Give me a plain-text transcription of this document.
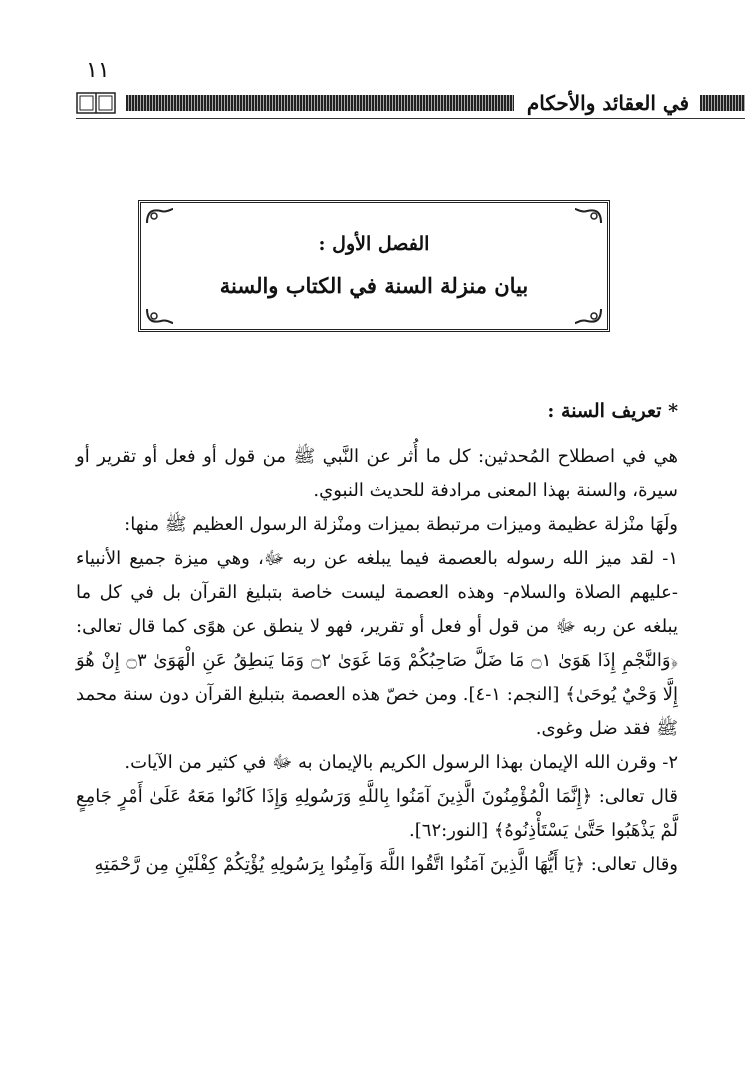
١١
في العقائد والأحكام
الفصل الأول :
بيان منزلة السنة في الكتاب والسنة

* تعريف السنة :

هي في اصطلاح المُحدثين: كل ما أُثر عن النَّبي ﷺ من قول أو فعل أو تقرير أو سيرة، والسنة بهذا المعنى مرادفة للحديث النبوي.

ولَهَا منْزلة عظيمة وميزات مرتبطة بميزات ومنْزلة الرسول العظيم ﷺ منها:

١- لقد ميز الله رسوله بالعصمة فيما يبلغه عن ربه ﷻ، وهي ميزة جميع الأنبياء -عليهم الصلاة والسلام- وهذه العصمة ليست خاصة بتبليغ القرآن بل في كل ما يبلغه عن ربه ﷻ من قول أو فعل أو تقرير، فهو لا ينطق عن هوًى كما قال تعالى: ﴿وَالنَّجْمِ إِذَا هَوَىٰ ۝١ مَا ضَلَّ صَاحِبُكُمْ وَمَا غَوَىٰ ۝٢ وَمَا يَنطِقُ عَنِ الْهَوَىٰ ۝٣ إِنْ هُوَ إِلَّا وَحْيٌ يُوحَىٰ﴾ [النجم: ١-٤]. ومن خصّ هذه العصمة بتبليغ القرآن دون سنة محمد ﷺ فقد ضل وغوى.

٢- وقرن الله الإيمان بهذا الرسول الكريم بالإيمان به ﷻ في كثير من الآيات.

قال تعالى: ﴿إِنَّمَا الْمُؤْمِنُونَ الَّذِينَ آمَنُوا بِاللَّهِ وَرَسُولِهِ وَإِذَا كَانُوا مَعَهُ عَلَىٰ أَمْرٍ جَامِعٍ لَّمْ يَذْهَبُوا حَتَّىٰ يَسْتَأْذِنُوهُ﴾ [النور:٦٢].

وقال تعالى: ﴿يَا أَيُّهَا الَّذِينَ آمَنُوا اتَّقُوا اللَّهَ وَآمِنُوا بِرَسُولِهِ يُؤْتِكُمْ كِفْلَيْنِ مِن رَّحْمَتِهِ
